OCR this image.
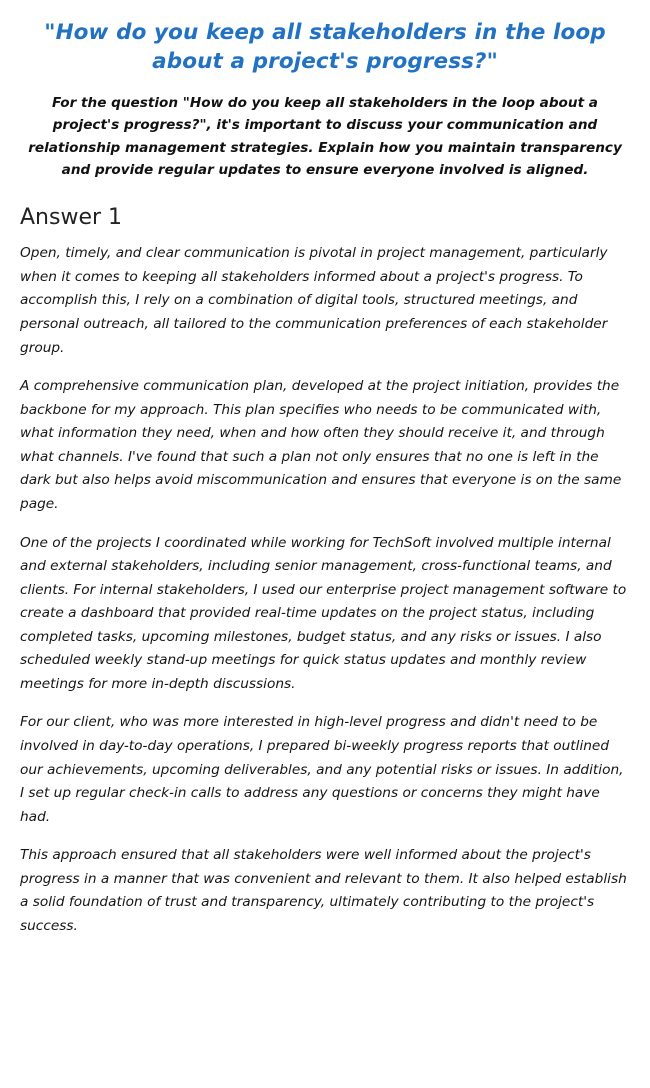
"How do you keep all stakeholders in the loop about a project's progress?"

For the question "How do you keep all stakeholders in the loop about a project's progress?", it's important to discuss your communication and relationship management strategies. Explain how you maintain transparency and provide regular updates to ensure everyone involved is aligned.

Answer 1

Open, timely, and clear communication is pivotal in project management, particularly when it comes to keeping all stakeholders informed about a project's progress. To accomplish this, I rely on a combination of digital tools, structured meetings, and personal outreach, all tailored to the communication preferences of each stakeholder group.

A comprehensive communication plan, developed at the project initiation, provides the backbone for my approach. This plan specifies who needs to be communicated with, what information they need, when and how often they should receive it, and through what channels. I've found that such a plan not only ensures that no one is left in the dark but also helps avoid miscommunication and ensures that everyone is on the same page.

One of the projects I coordinated while working for TechSoft involved multiple internal and external stakeholders, including senior management, cross-functional teams, and clients. For internal stakeholders, I used our enterprise project management software to create a dashboard that provided real-time updates on the project status, including completed tasks, upcoming milestones, budget status, and any risks or issues. I also scheduled weekly stand-up meetings for quick status updates and monthly review meetings for more in-depth discussions.

For our client, who was more interested in high-level progress and didn't need to be involved in day-to-day operations, I prepared bi-weekly progress reports that outlined our achievements, upcoming deliverables, and any potential risks or issues. In addition, I set up regular check-in calls to address any questions or concerns they might have had.

This approach ensured that all stakeholders were well informed about the project's progress in a manner that was convenient and relevant to them. It also helped establish a solid foundation of trust and transparency, ultimately contributing to the project's success.
